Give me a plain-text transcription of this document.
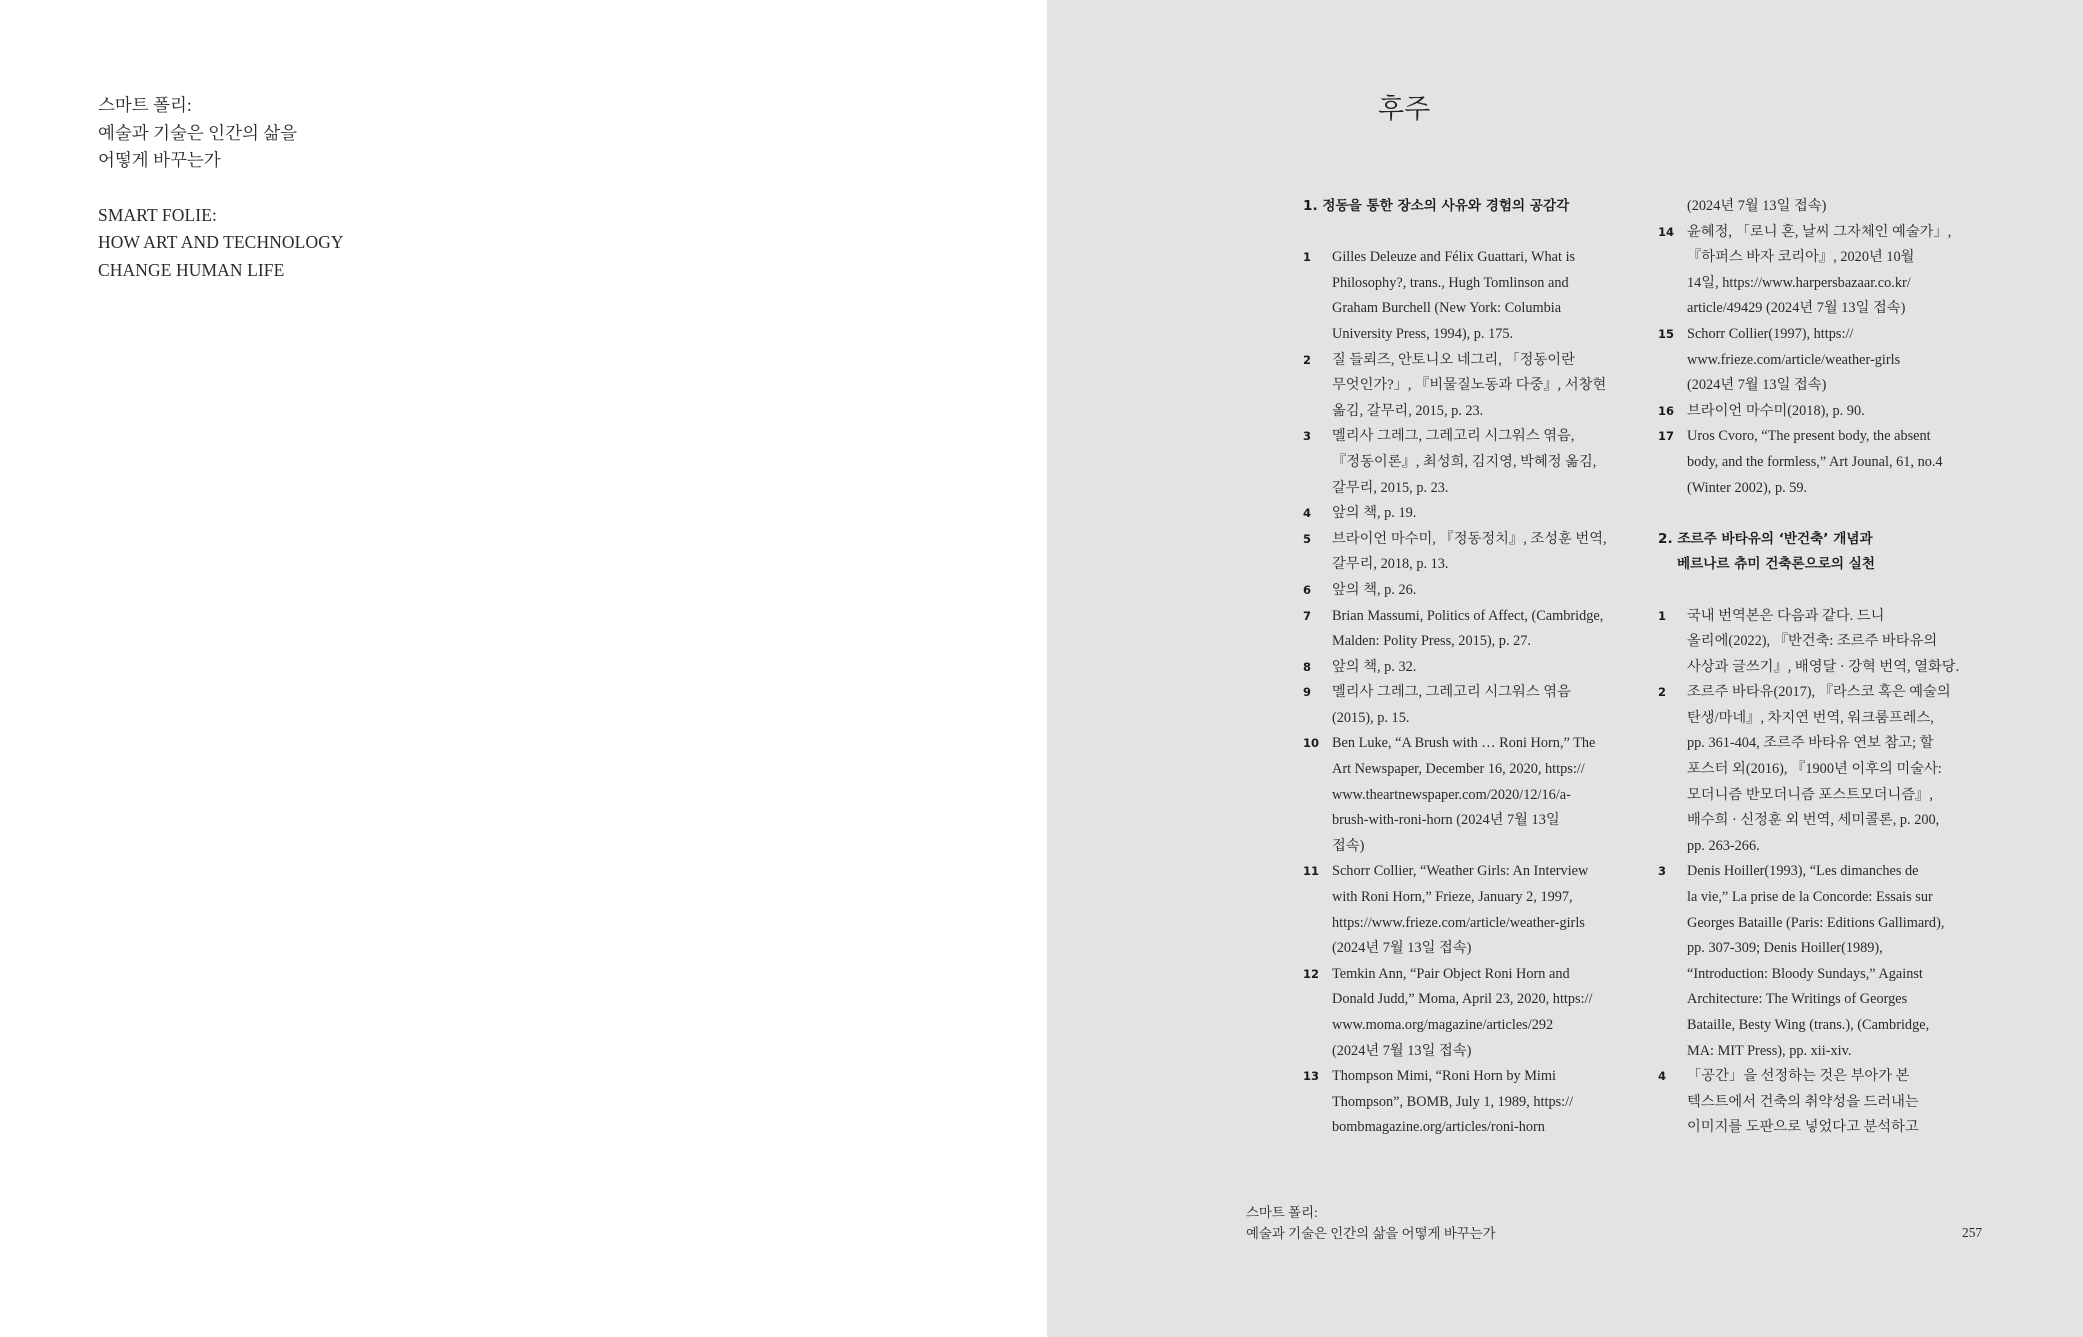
스마트 폴리:
예술과 기술은 인간의 삶을
어떻게 바꾸는가
SMART FOLIE:
HOW ART AND TECHNOLOGY
CHANGE HUMAN LIFE
후주
1. 정동을 통한 장소의 사유와 경험의 공감각
1 Gilles Deleuze and Félix Guattari, What is
Philosophy?, trans., Hugh Tomlinson and
Graham Burchell (New York: Columbia
University Press, 1994), p. 175.
2 질 들뢰즈, 안토니오 네그리, 「정동이란
무엇인가?」, 『비물질노동과 다중』, 서창현
옮김, 갈무리, 2015, p. 23.
3 멜리사 그레그, 그레고리 시그워스 엮음,
『정동이론』, 최성희, 김지영, 박혜정 옮김,
갈무리, 2015, p. 23.
4 앞의 책, p. 19.
5 브라이언 마수미, 『정동정치』, 조성훈 번역,
갈무리, 2018, p. 13.
6 앞의 책, p. 26.
7 Brian Massumi, Politics of Affect, (Cambridge,
Malden: Polity Press, 2015), p. 27.
8 앞의 책, p. 32.
9 멜리사 그레그, 그레고리 시그워스 엮음
(2015), p. 15.
10 Ben Luke, “A Brush with … Roni Horn,” The
Art Newspaper, December 16, 2020, https://
www.theartnewspaper.com/2020/12/16/a-
brush-with-roni-horn (2024년 7월 13일
접속)
11 Schorr Collier, “Weather Girls: An Interview
with Roni Horn,” Frieze, January 2, 1997,
https://www.frieze.com/article/weather-girls
(2024년 7월 13일 접속)
12 Temkin Ann, “Pair Object Roni Horn and
Donald Judd,” Moma, April 23, 2020, https://
www.moma.org/magazine/articles/292
(2024년 7월 13일 접속)
13 Thompson Mimi, “Roni Horn by Mimi
Thompson”, BOMB, July 1, 1989, https://
bombmagazine.org/articles/roni-horn
(2024년 7월 13일 접속)
14 윤혜정, 「로니 혼, 날씨 그자체인 예술가」,
『하퍼스 바자 코리아』, 2020년 10월
14일, https://www.harpersbazaar.co.kr/
article/49429 (2024년 7월 13일 접속)
15 Schorr Collier(1997), https://
www.frieze.com/article/weather-girls
(2024년 7월 13일 접속)
16 브라이언 마수미(2018), p. 90.
17 Uros Cvoro, “The present body, the absent
body, and the formless,” Art Jounal, 61, no.4
(Winter 2002), p. 59.
2. 조르주 바타유의 ‘반건축’ 개념과
베르나르 츄미 건축론으로의 실천
1 국내 번역본은 다음과 같다. 드니
올리에(2022), 『반건축: 조르주 바타유의
사상과 글쓰기』, 배영달 · 강혁 번역, 열화당.
2 조르주 바타유(2017), 『라스코 혹은 예술의
탄생/마네』, 차지연 번역, 워크룸프레스,
pp. 361-404, 조르주 바타유 연보 참고; 할
포스터 외(2016), 『1900년 이후의 미술사:
모더니즘 반모더니즘 포스트모더니즘』,
배수희 · 신정훈 외 번역, 세미콜론, p. 200,
pp. 263-266.
3 Denis Hoiller(1993), “Les dimanches de
la vie,” La prise de la Concorde: Essais sur
Georges Bataille (Paris: Editions Gallimard),
pp. 307-309; Denis Hoiller(1989),
“Introduction: Bloody Sundays,” Against
Architecture: The Writings of Georges
Bataille, Besty Wing (trans.), (Cambridge,
MA: MIT Press), pp. xii-xiv.
4 「공간」을 선정하는 것은 부아가 본
텍스트에서 건축의 취약성을 드러내는
이미지를 도판으로 넣었다고 분석하고
스마트 폴리:
예술과 기술은 인간의 삶을 어떻게 바꾸는가	257
